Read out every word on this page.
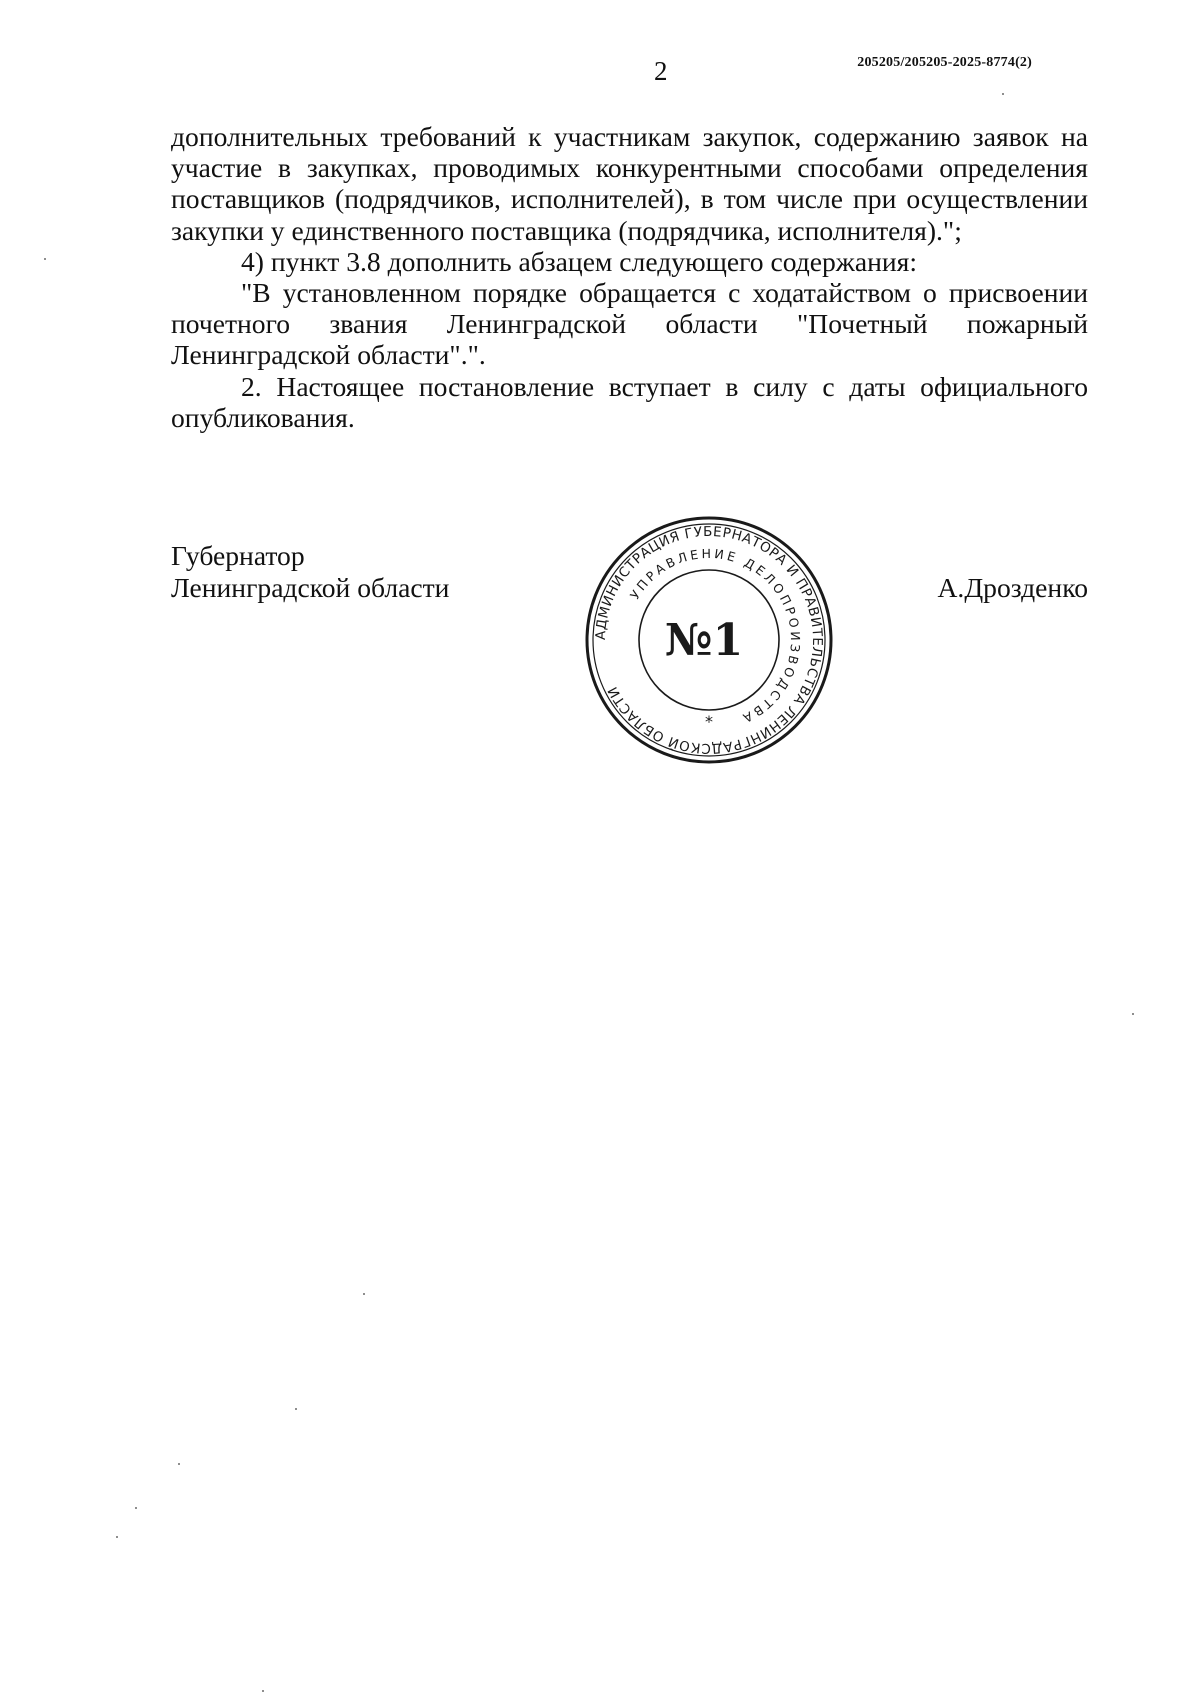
2	205205/205205-2025-8774(2)

дополнительных требований к участникам закупок, содержанию заявок на участие в закупках, проводимых конкурентными способами определения поставщиков (подрядчиков, исполнителей), в том числе при осуществлении закупки у единственного поставщика (подрядчика, исполнителя).";

4) пункт 3.8 дополнить абзацем следующего содержания:

"В установленном порядке обращается с ходатайством о присвоении почетного звания Ленинградской области "Почетный пожарный Ленинградской области".".

2. Настоящее постановление вступает в силу с даты официального опубликования.

Губернатор
Ленинградской области	А.Дрозденко
АДМИНИСТРАЦИЯ ГУБЕРНАТОРА И ПРАВИТЕЛЬСТВА ЛЕНИНГРАДСКОЙ ОБЛАСТИ
УПРАВЛЕНИЕ ДЕЛОПРОИЗВОДСТВА
№1
*
